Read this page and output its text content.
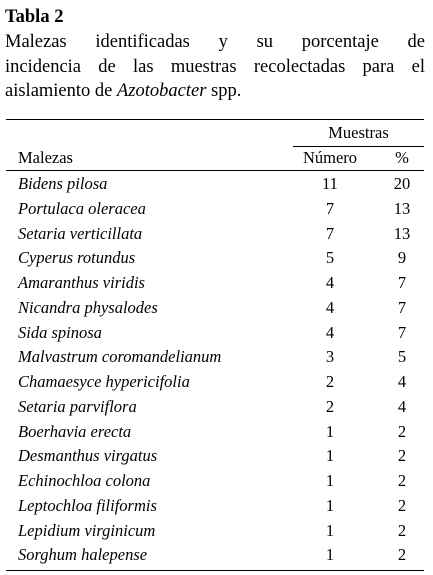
Tabla 2
Malezas identificadas y su porcentaje de
incidencia de las muestras recolectadas para el
aislamiento de Azotobacter spp.
Muestras
Malezas	Número	%
Bidens pilosa	11	20
Portulaca oleracea	7	13
Setaria verticillata	7	13
Cyperus rotundus	5	9
Amaranthus viridis	4	7
Nicandra physalodes	4	7
Sida spinosa	4	7
Malvastrum coromandelianum	3	5
Chamaesyce hypericifolia	2	4
Setaria parviflora	2	4
Boerhavia erecta	1	2
Desmanthus virgatus	1	2
Echinochloa colona	1	2
Leptochloa filiformis	1	2
Lepidium virginicum	1	2
Sorghum halepense	1	2
